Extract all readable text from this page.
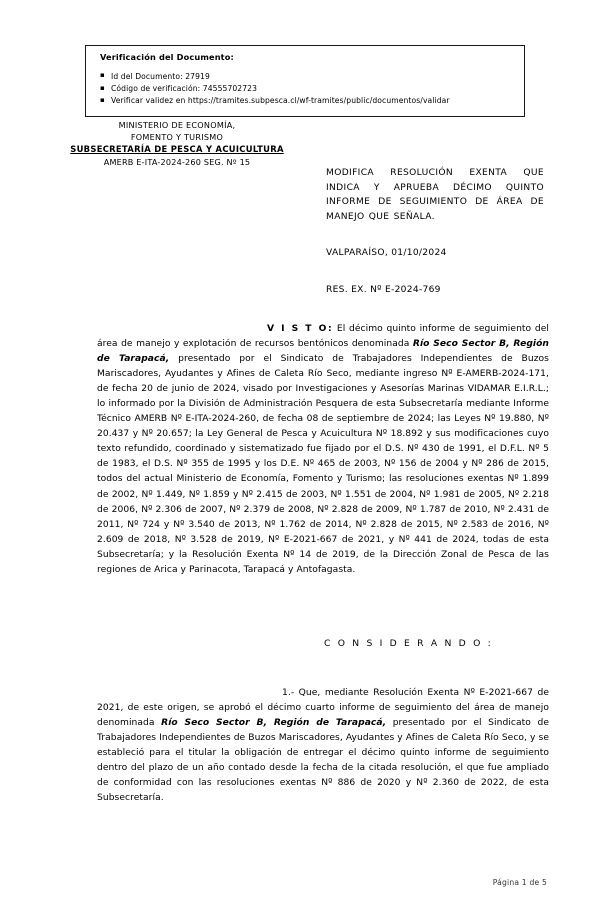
Verificación del Documento:
▪ Id del Documento: 27919
▪ Código de verificación: 74555702723
▪ Verificar validez en https://tramites.subpesca.cl/wf-tramites/public/documentos/validar
MINISTERIO DE ECONOMÍA,
FOMENTO Y TURISMO
SUBSECRETARÍA DE PESCA Y ACUICULTURA
AMERB E-ITA-2024-260 SEG. Nº 15
MODIFICA RESOLUCIÓN EXENTA QUE INDICA Y APRUEBA DÉCIMO QUINTO INFORME DE SEGUIMIENTO DE ÁREA DE MANEJO QUE SEÑALA.
VALPARAÍSO, 01/10/2024
RES. EX. Nº E-2024-769

V I S T O: El décimo quinto informe de seguimiento del área de manejo y explotación de recursos bentónicos denominada Río Seco Sector B, Región de Tarapacá, presentado por el Sindicato de Trabajadores Independientes de Buzos Mariscadores, Ayudantes y Afines de Caleta Río Seco, mediante ingreso Nº E-AMERB-2024-171, de fecha 20 de junio de 2024, visado por Investigaciones y Asesorías Marinas VIDAMAR E.I.R.L.; lo informado por la División de Administración Pesquera de esta Subsecretaría mediante Informe Técnico AMERB Nº E-ITA-2024-260, de fecha 08 de septiembre de 2024; las Leyes Nº 19.880, Nº 20.437 y Nº 20.657; la Ley General de Pesca y Acuicultura Nº 18.892 y sus modificaciones cuyo texto refundido, coordinado y sistematizado fue fijado por el D.S. Nº 430 de 1991, el D.F.L. Nº 5 de 1983, el D.S. Nº 355 de 1995 y los D.E. Nº 465 de 2003, Nº 156 de 2004 y Nº 286 de 2015, todos del actual Ministerio de Economía, Fomento y Turismo; las resoluciones exentas Nº 1.899 de 2002, Nº 1.449, Nº 1.859 y Nº 2.415 de 2003, Nº 1.551 de 2004, Nº 1.981 de 2005, Nº 2.218 de 2006, Nº 2.306 de 2007, Nº 2.379 de 2008, Nº 2.828 de 2009, Nº 1.787 de 2010, Nº 2.431 de 2011, Nº 724 y Nº 3.540 de 2013, Nº 1.762 de 2014, Nº 2.828 de 2015, Nº 2.583 de 2016, Nº 2.609 de 2018, Nº 3.528 de 2019, Nº E-2021-667 de 2021, y Nº 441 de 2024, todas de esta Subsecretaría; y la Resolución Exenta Nº 14 de 2019, de la Dirección Zonal de Pesca de las regiones de Arica y Parinacota, Tarapacá y Antofagasta.

C O N S I D E R A N D O :

1.- Que, mediante Resolución Exenta Nº E-2021-667 de 2021, de este origen, se aprobó el décimo cuarto informe de seguimiento del área de manejo denominada Río Seco Sector B, Región de Tarapacá, presentado por el Sindicato de Trabajadores Independientes de Buzos Mariscadores, Ayudantes y Afines de Caleta Río Seco, y se estableció para el titular la obligación de entregar el décimo quinto informe de seguimiento dentro del plazo de un año contado desde la fecha de la citada resolución, el que fue ampliado de conformidad con las resoluciones exentas Nº 886 de 2020 y Nº 2.360 de 2022, de esta Subsecretaría.

Página 1 de 5
